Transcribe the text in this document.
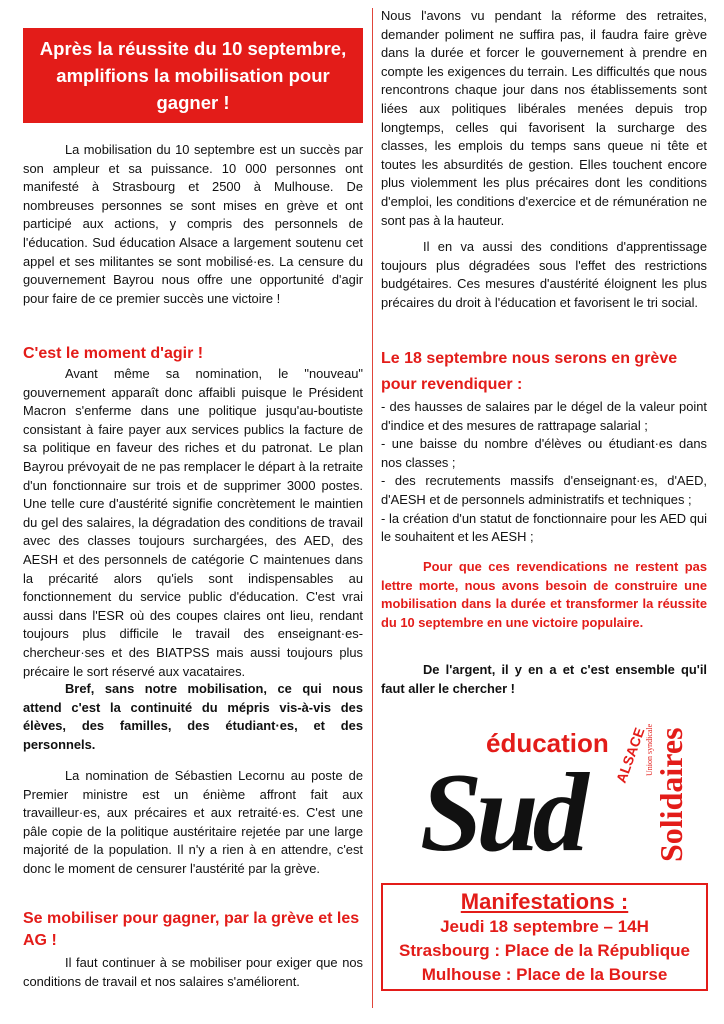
Après la réussite du 10 septembre, amplifions la mobilisation pour gagner !

La mobilisation du 10 septembre est un succès par son ampleur et sa puissance. 10 000 personnes ont manifesté à Strasbourg et 2500 à Mulhouse. De nombreuses personnes se sont mises en grève et ont participé aux actions, y compris des personnels de l'éducation. Sud éducation Alsace a largement soutenu cet appel et ses militantes se sont mobilisé·es. La censure du gouvernement Bayrou nous offre une opportunité d'agir pour faire de ce premier succès une victoire !

C'est le moment d'agir !

Avant même sa nomination, le "nouveau" gouvernement apparaît donc affaibli puisque le Président Macron s'enferme dans une politique jusqu'au-boutiste consistant à faire payer aux services publics la facture de sa politique en faveur des riches et du patronat. Le plan Bayrou prévoyait de ne pas remplacer le départ à la retraite d'un fonctionnaire sur trois et de supprimer 3000 postes. Une telle cure d'austérité signifie concrètement le maintien du gel des salaires, la dégradation des conditions de travail avec des classes toujours surchargées, des AED, des AESH et des personnels de catégorie C maintenues dans la précarité alors qu'iels sont indispensables au fonctionnement du service public d'éducation. C'est vrai aussi dans l'ESR où des coupes claires ont lieu, rendant toujours plus difficile le travail des enseignant·es-chercheur·ses et des BIATPSS mais aussi toujours plus précaire le sort réservé aux vacataires.

Bref, sans notre mobilisation, ce qui nous attend c'est la continuité du mépris vis-à-vis des élèves, des familles, des étudiant·es, et des personnels.

La nomination de Sébastien Lecornu au poste de Premier ministre est un énième affront fait aux travailleur·es, aux précaires et aux retraité·es. C'est une pâle copie de la politique austéritaire rejetée par une large majorité de la population. Il n'y a rien à en attendre, c'est donc le moment de censurer l'austérité par la grève.

Se mobiliser pour gagner, par la grève et les AG !

Il faut continuer à se mobiliser pour exiger que nos conditions de travail et nos salaires s'améliorent.

Nous l'avons vu pendant la réforme des retraites, demander poliment ne suffira pas, il faudra faire grève dans la durée et forcer le gouvernement à prendre en compte les exigences du terrain. Les difficultés que nous rencontrons chaque jour dans nos établissements sont liées aux politiques libérales menées depuis trop longtemps, celles qui favorisent la surcharge des classes, les emplois du temps sans queue ni tête et toutes les absurdités de gestion. Elles touchent encore plus violemment les plus précaires dont les conditions d'emploi, les conditions d'exercice et de rémunération ne sont pas à la hauteur.

Il en va aussi des conditions d'apprentissage toujours plus dégradées sous l'effet des restrictions budgétaires. Ces mesures d'austérité éloignent les plus précaires du droit à l'éducation et favorisent le tri social.

Le 18 septembre nous serons en grève pour revendiquer :

- des hausses de salaires par le dégel de la valeur point d'indice et des mesures de rattrapage salarial ;

- une baisse du nombre d'élèves ou étudiant·es dans nos classes ;

- des recrutements massifs d'enseignant·es, d'AED, d'AESH et de personnels administratifs et techniques ;

- la création d'un statut de fonctionnaire pour les AED qui le souhaitent et les AESH ;

Pour que ces revendications ne restent pas lettre morte, nous avons besoin de construire une mobilisation dans la durée et transformer la réussite du 10 septembre en une victoire populaire.

De l'argent, il y en a et c'est ensemble qu'il faut aller le chercher !

éducation
Sud	ALSACE
Union syndicale Solidaires
Manifestations :
Jeudi 18 septembre – 14H
Strasbourg : Place de la République
Mulhouse : Place de la Bourse
